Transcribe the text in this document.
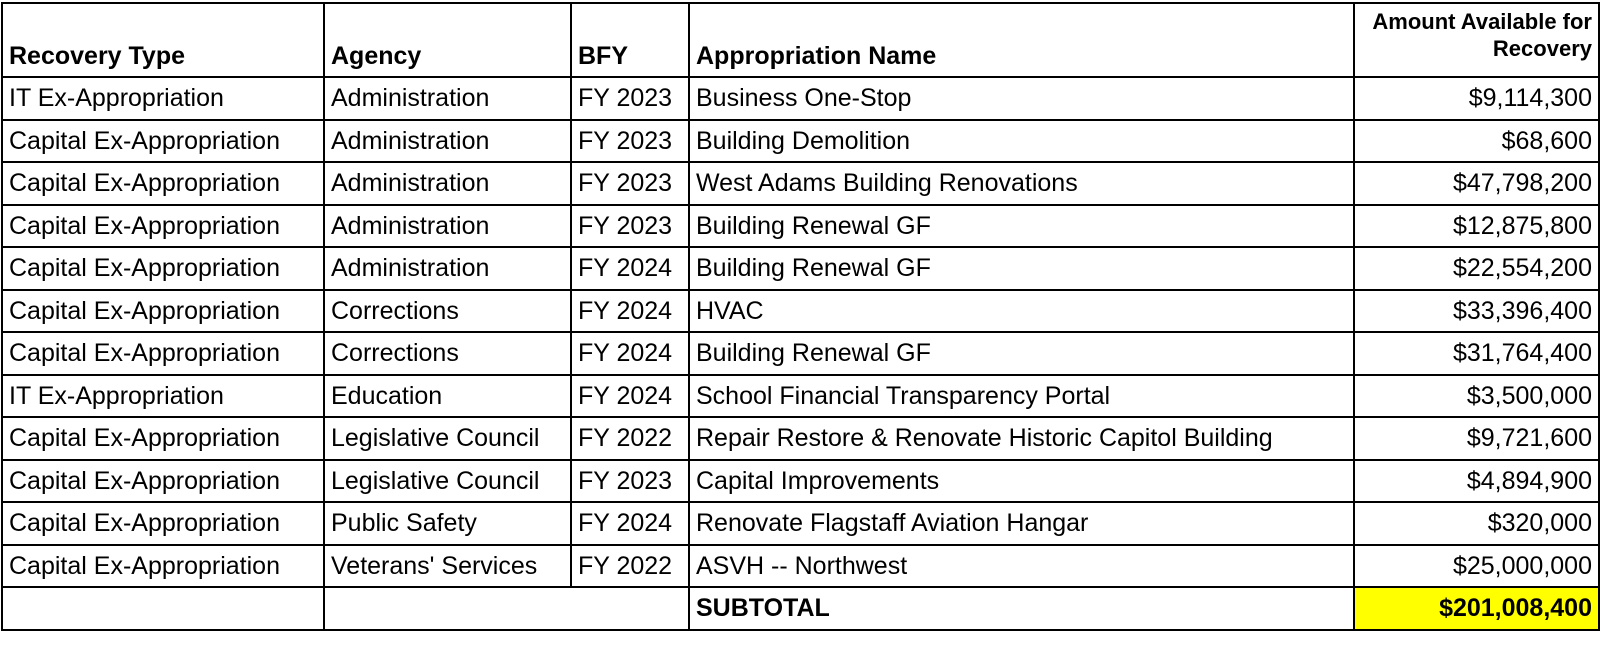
Recovery Type	Agency	BFY	Appropriation Name	Amount Available for Recovery
IT Ex-Appropriation	Administration	FY 2023	Business One-Stop	$9,114,300
Capital Ex-Appropriation	Administration	FY 2023	Building Demolition	$68,600
Capital Ex-Appropriation	Administration	FY 2023	West Adams Building Renovations	$47,798,200
Capital Ex-Appropriation	Administration	FY 2023	Building Renewal GF	$12,875,800
Capital Ex-Appropriation	Administration	FY 2024	Building Renewal GF	$22,554,200
Capital Ex-Appropriation	Corrections	FY 2024	HVAC	$33,396,400
Capital Ex-Appropriation	Corrections	FY 2024	Building Renewal GF	$31,764,400
IT Ex-Appropriation	Education	FY 2024	School Financial Transparency Portal	$3,500,000
Capital Ex-Appropriation	Legislative Council	FY 2022	Repair Restore & Renovate Historic Capitol Building	$9,721,600
Capital Ex-Appropriation	Legislative Council	FY 2023	Capital Improvements	$4,894,900
Capital Ex-Appropriation	Public Safety	FY 2024	Renovate Flagstaff Aviation Hangar	$320,000
Capital Ex-Appropriation	Veterans' Services	FY 2022	ASVH -- Northwest	$25,000,000
			SUBTOTAL	$201,008,400
